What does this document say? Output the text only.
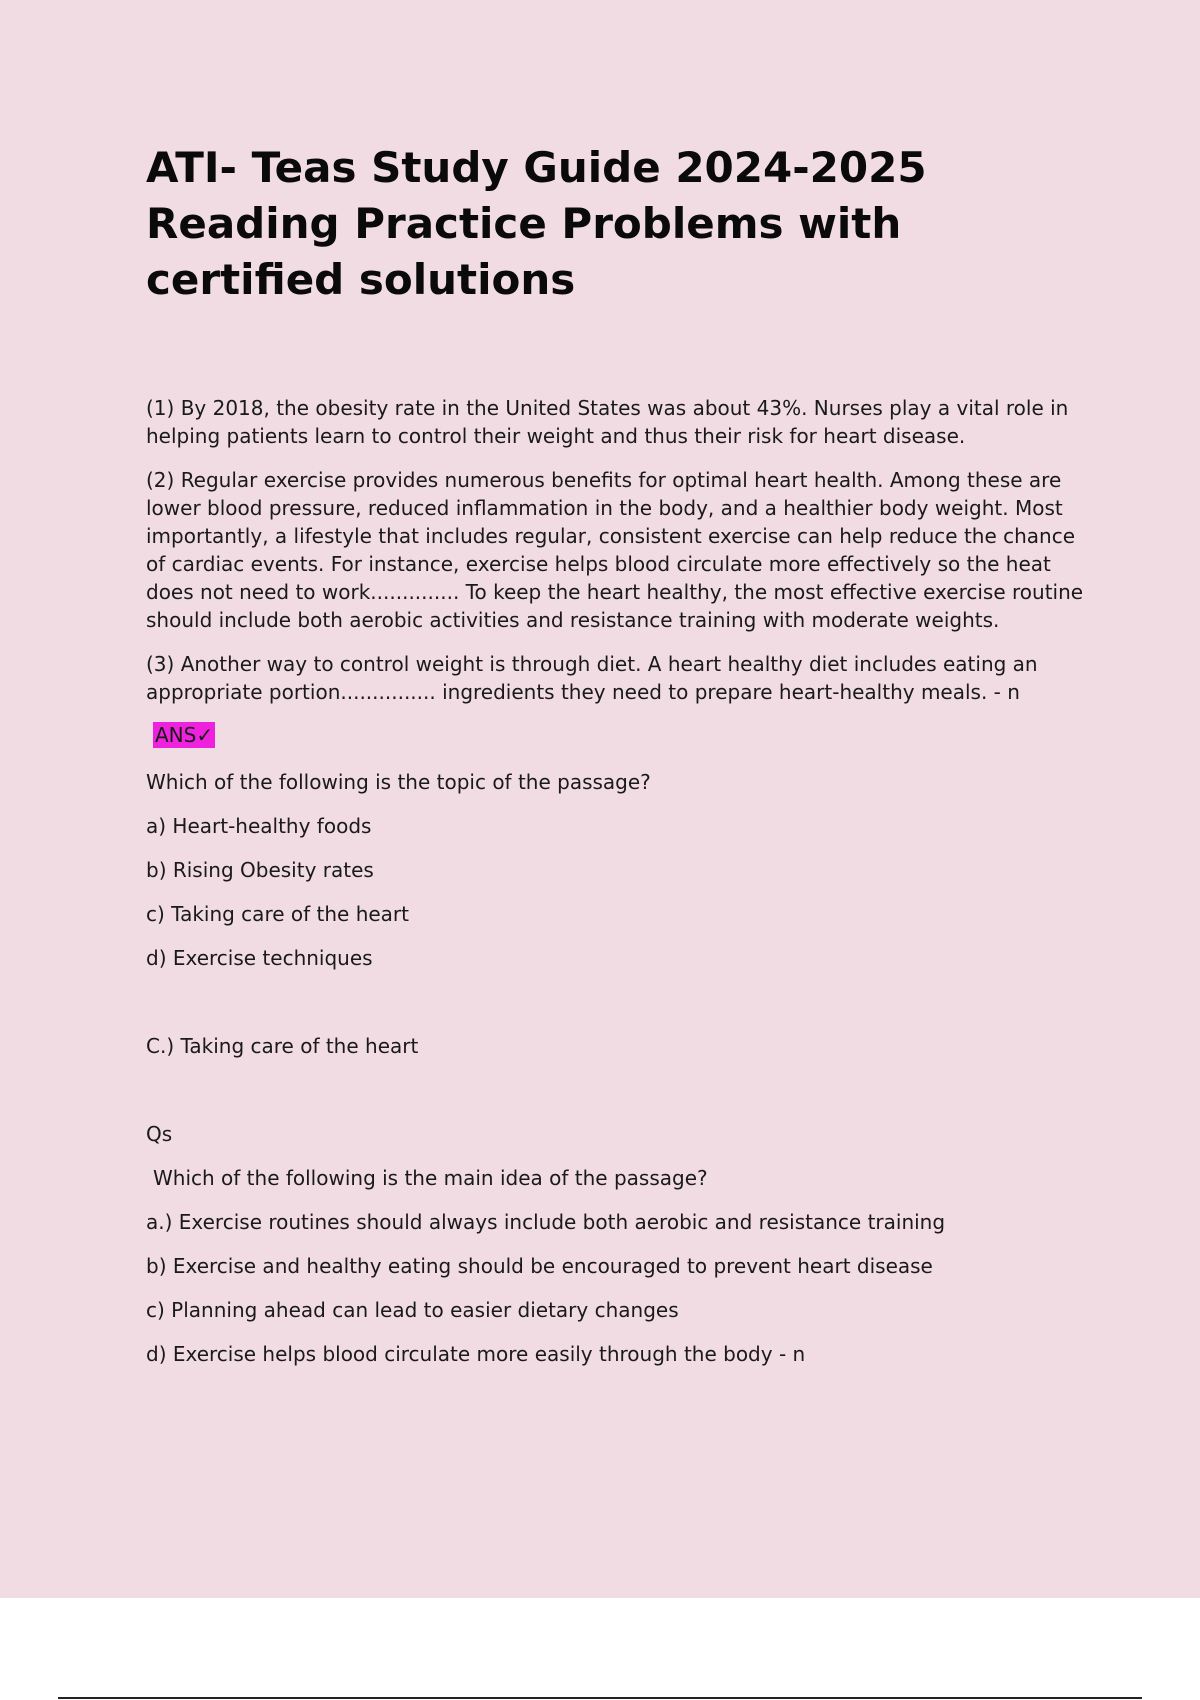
ATI- Teas Study Guide 2024-2025 Reading Practice Problems with certified solutions

(1) By 2018, the obesity rate in the United States was about 43%. Nurses play a vital role in helping patients learn to control their weight and thus their risk for heart disease.

(2) Regular exercise provides numerous benefits for optimal heart health. Among these are lower blood pressure, reduced inflammation in the body, and a healthier body weight. Most importantly, a lifestyle that includes regular, consistent exercise can help reduce the chance of cardiac events. For instance, exercise helps blood circulate more effectively so the heat does not need to work.............. To keep the heart healthy, the most effective exercise routine should include both aerobic activities and resistance training with moderate weights.

(3) Another way to control weight is through diet. A heart healthy diet includes eating an appropriate portion............... ingredients they need to prepare heart-healthy meals. - n

ANS✓

Which of the following is the topic of the passage?

a) Heart-healthy foods

b) Rising Obesity rates

c) Taking care of the heart

d) Exercise techniques

C.) Taking care of the heart

Qs

Which of the following is the main idea of the passage?

a.) Exercise routines should always include both aerobic and resistance training

b) Exercise and healthy eating should be encouraged to prevent heart disease

c) Planning ahead can lead to easier dietary changes

d) Exercise helps blood circulate more easily through the body - n
